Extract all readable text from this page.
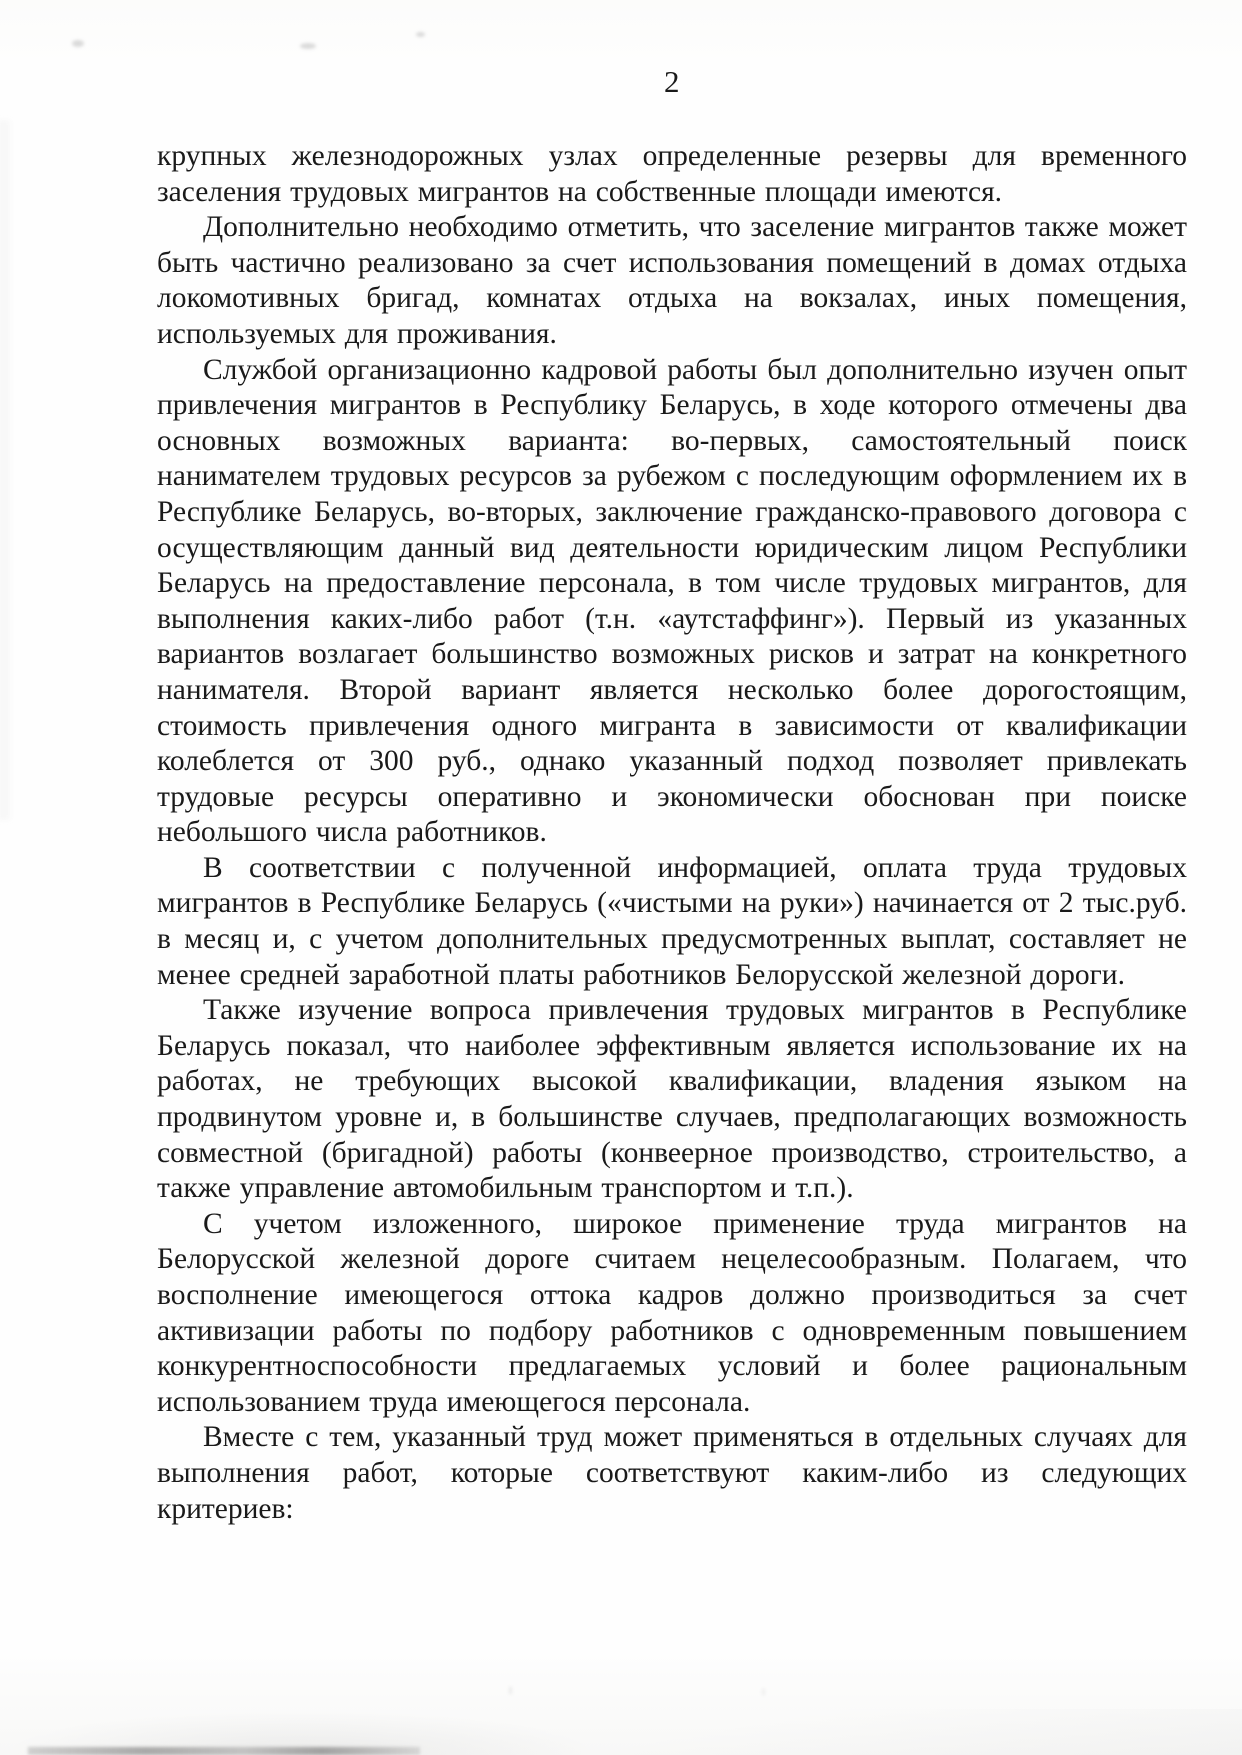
2

крупных железнодорожных узлах определенные резервы для временного заселения трудовых мигрантов на собственные площади имеются.

Дополнительно необходимо отметить, что заселение мигрантов также может быть частично реализовано за счет использования помещений в домах отдыха локомотивных бригад, комнатах отдыха на вокзалах, иных помещения, используемых для проживания.

Службой организационно кадровой работы был дополнительно изучен опыт привлечения мигрантов в Республику Беларусь, в ходе которого отмечены два основных возможных варианта: во-первых, самостоятельный поиск нанимателем трудовых ресурсов за рубежом с последующим оформлением их в Республике Беларусь, во-вторых, заключение гражданско-правового договора с осуществляющим данный вид деятельности юридическим лицом Республики Беларусь на предоставление персонала, в том числе трудовых мигрантов, для выполнения каких-либо работ (т.н. «аутстаффинг»). Первый из указанных вариантов возлагает большинство возможных рисков и затрат на конкретного нанимателя. Второй вариант является несколько более дорогостоящим, стоимость привлечения одного мигранта в зависимости от квалификации колеблется от 300 руб., однако указанный подход позволяет привлекать трудовые ресурсы оперативно и экономически обоснован при поиске небольшого числа работников.

В соответствии с полученной информацией, оплата труда трудовых мигрантов в Республике Беларусь («чистыми на руки») начинается от 2 тыс.руб. в месяц и, с учетом дополнительных предусмотренных выплат, составляет не менее средней заработной платы работников Белорусской железной дороги.

Также изучение вопроса привлечения трудовых мигрантов в Республике Беларусь показал, что наиболее эффективным является использование их на работах, не требующих высокой квалификации, владения языком на продвинутом уровне и, в большинстве случаев, предполагающих возможность совместной (бригадной) работы (конвеерное производство, строительство, а также управление автомобильным транспортом и т.п.).

С учетом изложенного, широкое применение труда мигрантов на Белорусской железной дороге считаем нецелесообразным. Полагаем, что восполнение имеющегося оттока кадров должно производиться за счет активизации работы по подбору работников с одновременным повышением конкурентноспособности предлагаемых условий и более рациональным использованием труда имеющегося персонала.

Вместе с тем, указанный труд может применяться в отдельных случаях для выполнения работ, которые соответствуют каким-либо из следующих критериев:
